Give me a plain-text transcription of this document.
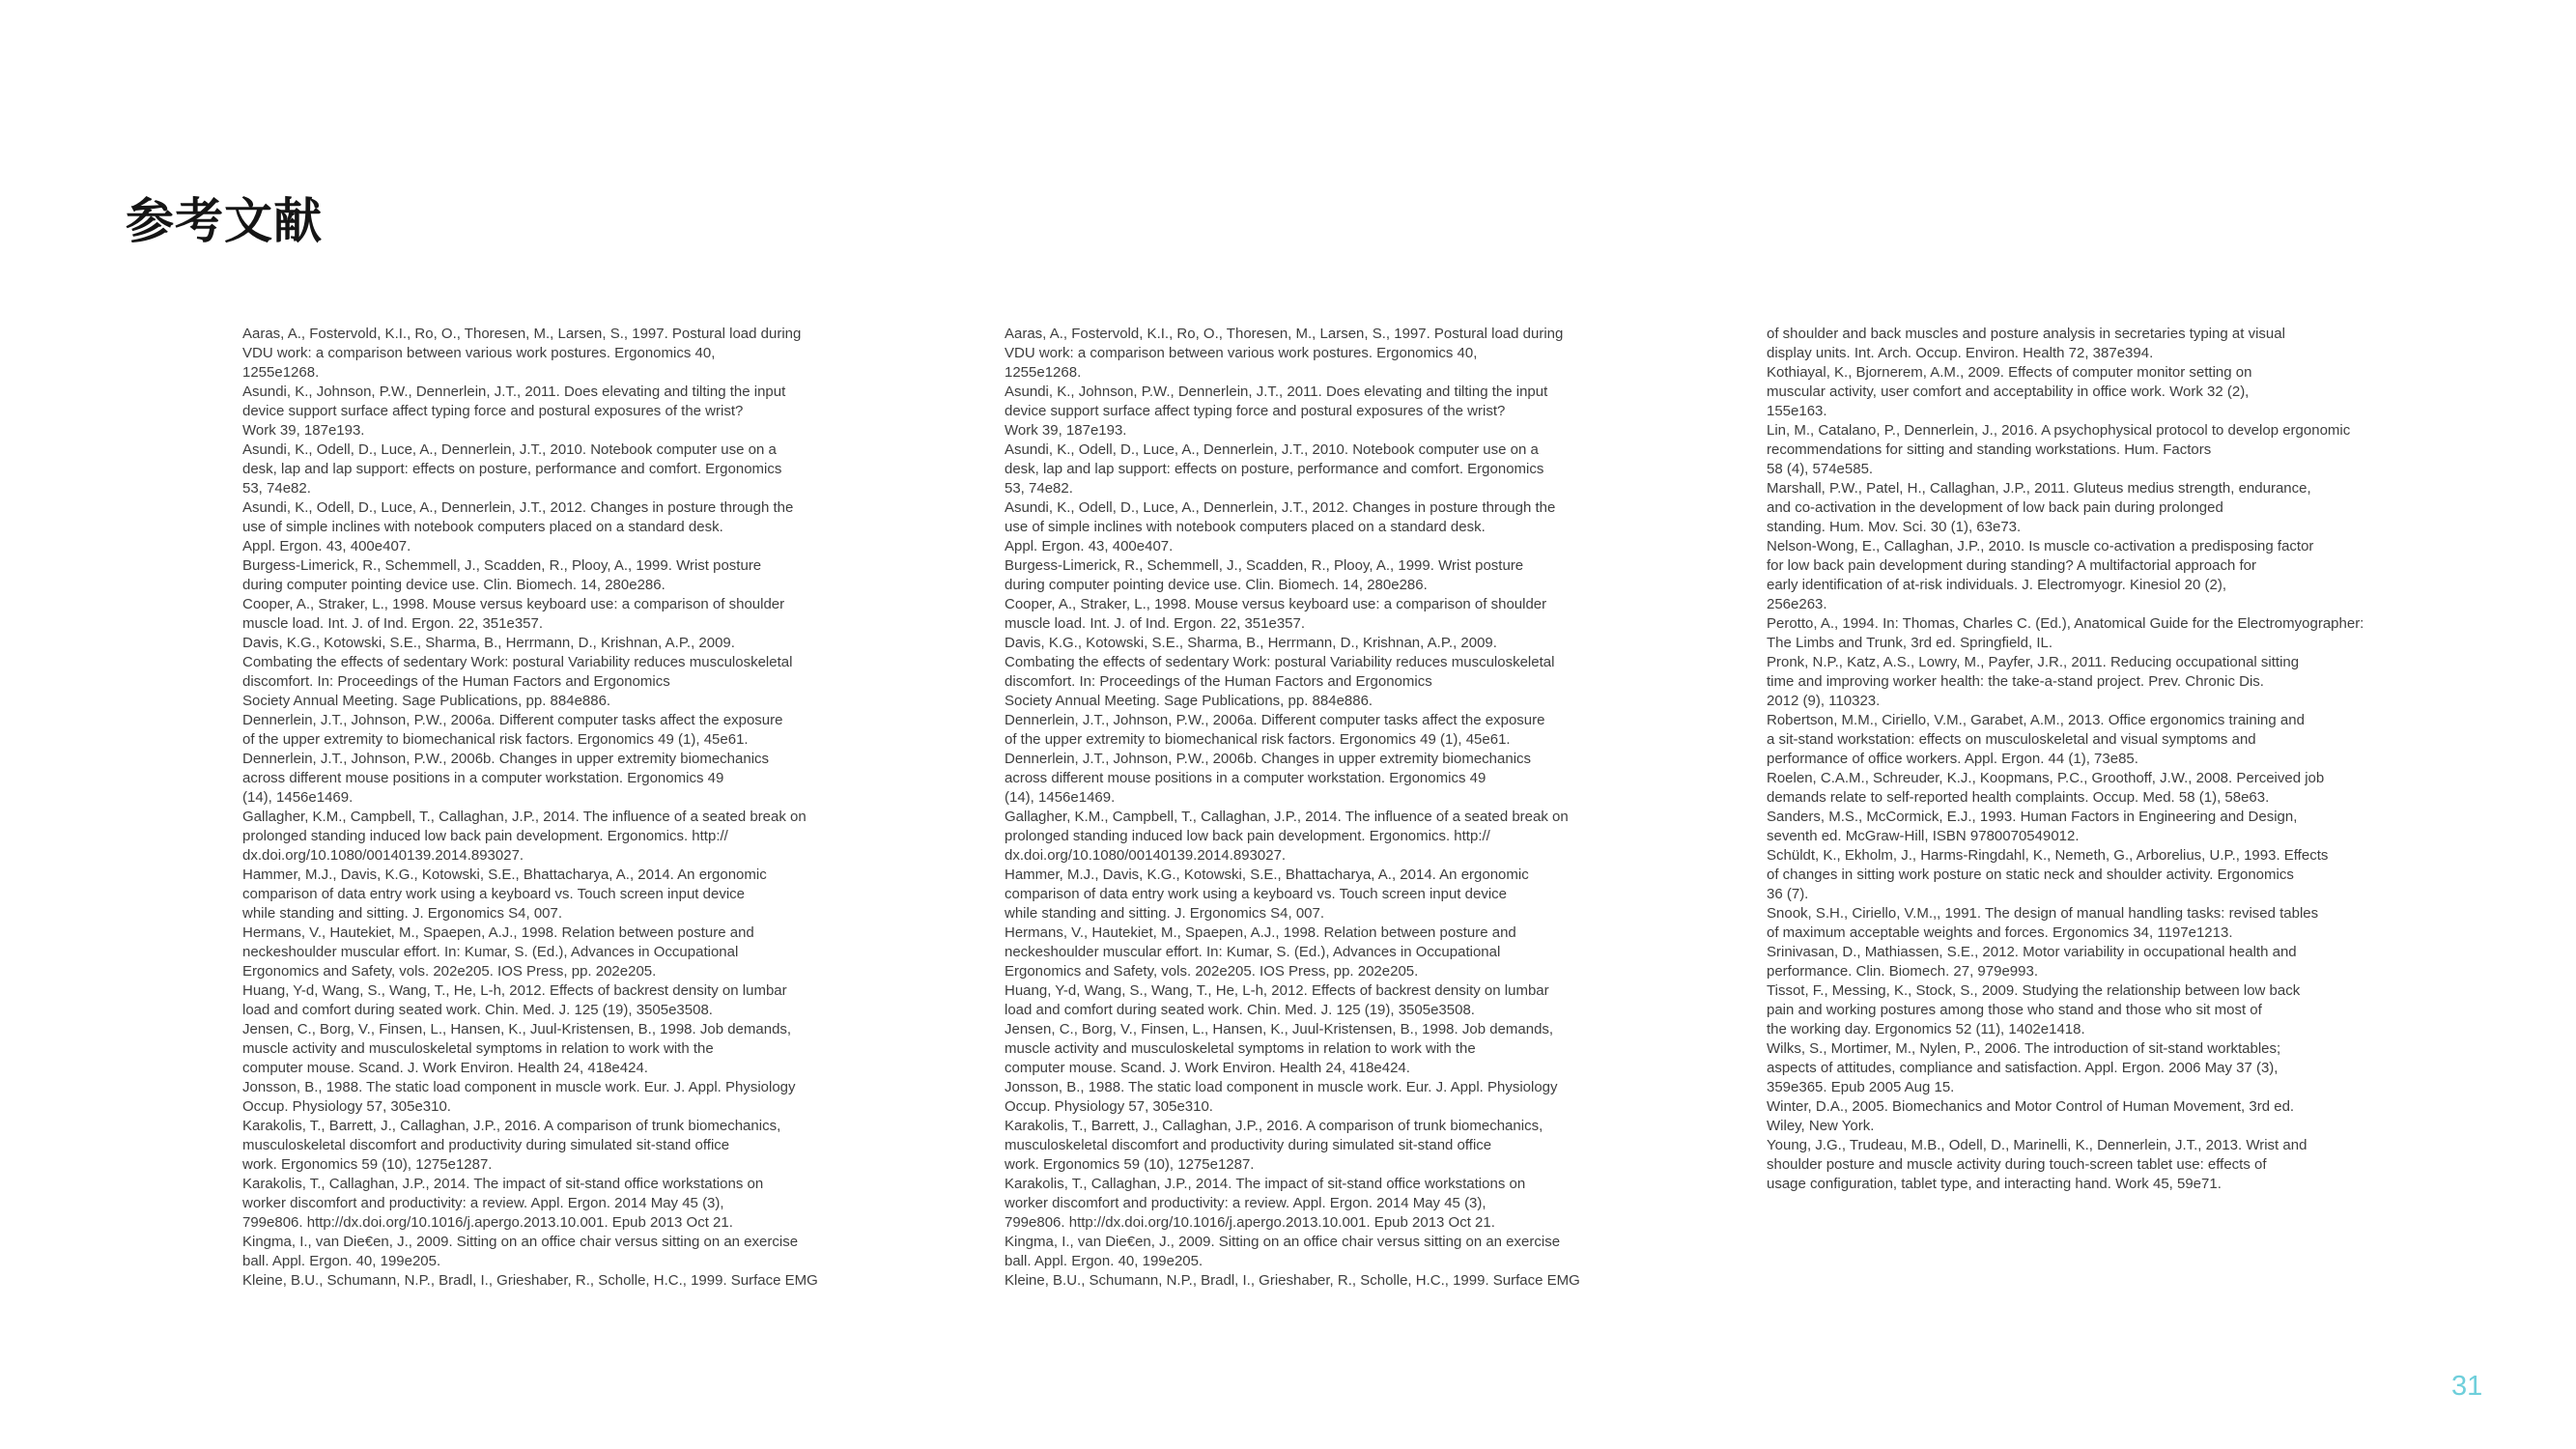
参考文献
Aaras, A., Fostervold, K.I., Ro, O., Thoresen, M., Larsen, S., 1997. Postural load during
VDU work: a comparison between various work postures. Ergonomics 40,
1255e1268.
Asundi, K., Johnson, P.W., Dennerlein, J.T., 2011. Does elevating and tilting the input
device support surface affect typing force and postural exposures of the wrist?
Work 39, 187e193.
Asundi, K., Odell, D., Luce, A., Dennerlein, J.T., 2010. Notebook computer use on a
desk, lap and lap support: effects on posture, performance and comfort. Ergonomics
53, 74e82.
Asundi, K., Odell, D., Luce, A., Dennerlein, J.T., 2012. Changes in posture through the
use of simple inclines with notebook computers placed on a standard desk.
Appl. Ergon. 43, 400e407.
Burgess-Limerick, R., Schemmell, J., Scadden, R., Plooy, A., 1999. Wrist posture
during computer pointing device use. Clin. Biomech. 14, 280e286.
Cooper, A., Straker, L., 1998. Mouse versus keyboard use: a comparison of shoulder
muscle load. Int. J. of Ind. Ergon. 22, 351e357.
Davis, K.G., Kotowski, S.E., Sharma, B., Herrmann, D., Krishnan, A.P., 2009.
Combating the effects of sedentary Work: postural Variability reduces musculoskeletal
discomfort. In: Proceedings of the Human Factors and Ergonomics
Society Annual Meeting. Sage Publications, pp. 884e886.
Dennerlein, J.T., Johnson, P.W., 2006a. Different computer tasks affect the exposure
of the upper extremity to biomechanical risk factors. Ergonomics 49 (1), 45e61.
Dennerlein, J.T., Johnson, P.W., 2006b. Changes in upper extremity biomechanics
across different mouse positions in a computer workstation. Ergonomics 49
(14), 1456e1469.
Gallagher, K.M., Campbell, T., Callaghan, J.P., 2014. The influence of a seated break on
prolonged standing induced low back pain development. Ergonomics. http://
dx.doi.org/10.1080/00140139.2014.893027.
Hammer, M.J., Davis, K.G., Kotowski, S.E., Bhattacharya, A., 2014. An ergonomic
comparison of data entry work using a keyboard vs. Touch screen input device
while standing and sitting. J. Ergonomics S4, 007.
Hermans, V., Hautekiet, M., Spaepen, A.J., 1998. Relation between posture and
neckeshoulder muscular effort. In: Kumar, S. (Ed.), Advances in Occupational
Ergonomics and Safety, vols. 202e205. IOS Press, pp. 202e205.
Huang, Y-d, Wang, S., Wang, T., He, L-h, 2012. Effects of backrest density on lumbar
load and comfort during seated work. Chin. Med. J. 125 (19), 3505e3508.
Jensen, C., Borg, V., Finsen, L., Hansen, K., Juul-Kristensen, B., 1998. Job demands,
muscle activity and musculoskeletal symptoms in relation to work with the
computer mouse. Scand. J. Work Environ. Health 24, 418e424.
Jonsson, B., 1988. The static load component in muscle work. Eur. J. Appl. Physiology
Occup. Physiology 57, 305e310.
Karakolis, T., Barrett, J., Callaghan, J.P., 2016. A comparison of trunk biomechanics,
musculoskeletal discomfort and productivity during simulated sit-stand office
work. Ergonomics 59 (10), 1275e1287.
Karakolis, T., Callaghan, J.P., 2014. The impact of sit-stand office workstations on
worker discomfort and productivity: a review. Appl. Ergon. 2014 May 45 (3),
799e806. http://dx.doi.org/10.1016/j.apergo.2013.10.001. Epub 2013 Oct 21.
Kingma, I., van Die€en, J., 2009. Sitting on an office chair versus sitting on an exercise
ball. Appl. Ergon. 40, 199e205.
Kleine, B.U., Schumann, N.P., Bradl, I., Grieshaber, R., Scholle, H.C., 1999. Surface EMG
Aaras, A., Fostervold, K.I., Ro, O., Thoresen, M., Larsen, S., 1997. Postural load during
VDU work: a comparison between various work postures. Ergonomics 40,
1255e1268.
Asundi, K., Johnson, P.W., Dennerlein, J.T., 2011. Does elevating and tilting the input
device support surface affect typing force and postural exposures of the wrist?
Work 39, 187e193.
Asundi, K., Odell, D., Luce, A., Dennerlein, J.T., 2010. Notebook computer use on a
desk, lap and lap support: effects on posture, performance and comfort. Ergonomics
53, 74e82.
Asundi, K., Odell, D., Luce, A., Dennerlein, J.T., 2012. Changes in posture through the
use of simple inclines with notebook computers placed on a standard desk.
Appl. Ergon. 43, 400e407.
Burgess-Limerick, R., Schemmell, J., Scadden, R., Plooy, A., 1999. Wrist posture
during computer pointing device use. Clin. Biomech. 14, 280e286.
Cooper, A., Straker, L., 1998. Mouse versus keyboard use: a comparison of shoulder
muscle load. Int. J. of Ind. Ergon. 22, 351e357.
Davis, K.G., Kotowski, S.E., Sharma, B., Herrmann, D., Krishnan, A.P., 2009.
Combating the effects of sedentary Work: postural Variability reduces musculoskeletal
discomfort. In: Proceedings of the Human Factors and Ergonomics
Society Annual Meeting. Sage Publications, pp. 884e886.
Dennerlein, J.T., Johnson, P.W., 2006a. Different computer tasks affect the exposure
of the upper extremity to biomechanical risk factors. Ergonomics 49 (1), 45e61.
Dennerlein, J.T., Johnson, P.W., 2006b. Changes in upper extremity biomechanics
across different mouse positions in a computer workstation. Ergonomics 49
(14), 1456e1469.
Gallagher, K.M., Campbell, T., Callaghan, J.P., 2014. The influence of a seated break on
prolonged standing induced low back pain development. Ergonomics. http://
dx.doi.org/10.1080/00140139.2014.893027.
Hammer, M.J., Davis, K.G., Kotowski, S.E., Bhattacharya, A., 2014. An ergonomic
comparison of data entry work using a keyboard vs. Touch screen input device
while standing and sitting. J. Ergonomics S4, 007.
Hermans, V., Hautekiet, M., Spaepen, A.J., 1998. Relation between posture and
neckeshoulder muscular effort. In: Kumar, S. (Ed.), Advances in Occupational
Ergonomics and Safety, vols. 202e205. IOS Press, pp. 202e205.
Huang, Y-d, Wang, S., Wang, T., He, L-h, 2012. Effects of backrest density on lumbar
load and comfort during seated work. Chin. Med. J. 125 (19), 3505e3508.
Jensen, C., Borg, V., Finsen, L., Hansen, K., Juul-Kristensen, B., 1998. Job demands,
muscle activity and musculoskeletal symptoms in relation to work with the
computer mouse. Scand. J. Work Environ. Health 24, 418e424.
Jonsson, B., 1988. The static load component in muscle work. Eur. J. Appl. Physiology
Occup. Physiology 57, 305e310.
Karakolis, T., Barrett, J., Callaghan, J.P., 2016. A comparison of trunk biomechanics,
musculoskeletal discomfort and productivity during simulated sit-stand office
work. Ergonomics 59 (10), 1275e1287.
Karakolis, T., Callaghan, J.P., 2014. The impact of sit-stand office workstations on
worker discomfort and productivity: a review. Appl. Ergon. 2014 May 45 (3),
799e806. http://dx.doi.org/10.1016/j.apergo.2013.10.001. Epub 2013 Oct 21.
Kingma, I., van Die€en, J., 2009. Sitting on an office chair versus sitting on an exercise
ball. Appl. Ergon. 40, 199e205.
Kleine, B.U., Schumann, N.P., Bradl, I., Grieshaber, R., Scholle, H.C., 1999. Surface EMG
of shoulder and back muscles and posture analysis in secretaries typing at visual
display units. Int. Arch. Occup. Environ. Health 72, 387e394.
Kothiayal, K., Bjornerem, A.M., 2009. Effects of computer monitor setting on
muscular activity, user comfort and acceptability in office work. Work 32 (2),
155e163.
Lin, M., Catalano, P., Dennerlein, J., 2016. A psychophysical protocol to develop ergonomic
recommendations for sitting and standing workstations. Hum. Factors
58 (4), 574e585.
Marshall, P.W., Patel, H., Callaghan, J.P., 2011. Gluteus medius strength, endurance,
and co-activation in the development of low back pain during prolonged
standing. Hum. Mov. Sci. 30 (1), 63e73.
Nelson-Wong, E., Callaghan, J.P., 2010. Is muscle co-activation a predisposing factor
for low back pain development during standing? A multifactorial approach for
early identification of at-risk individuals. J. Electromyogr. Kinesiol 20 (2),
256e263.
Perotto, A., 1994. In: Thomas, Charles C. (Ed.), Anatomical Guide for the Electromyographer:
The Limbs and Trunk, 3rd ed. Springfield, IL.
Pronk, N.P., Katz, A.S., Lowry, M., Payfer, J.R., 2011. Reducing occupational sitting
time and improving worker health: the take-a-stand project. Prev. Chronic Dis.
2012 (9), 110323.
Robertson, M.M., Ciriello, V.M., Garabet, A.M., 2013. Office ergonomics training and
a sit-stand workstation: effects on musculoskeletal and visual symptoms and
performance of office workers. Appl. Ergon. 44 (1), 73e85.
Roelen, C.A.M., Schreuder, K.J., Koopmans, P.C., Groothoff, J.W., 2008. Perceived job
demands relate to self-reported health complaints. Occup. Med. 58 (1), 58e63.
Sanders, M.S., McCormick, E.J., 1993. Human Factors in Engineering and Design,
seventh ed. McGraw-Hill, ISBN 9780070549012.
Schüldt, K., Ekholm, J., Harms-Ringdahl, K., Nemeth, G., Arborelius, U.P., 1993. Effects
of changes in sitting work posture on static neck and shoulder activity. Ergonomics
36 (7).
Snook, S.H., Ciriello, V.M.,, 1991. The design of manual handling tasks: revised tables
of maximum acceptable weights and forces. Ergonomics 34, 1197e1213.
Srinivasan, D., Mathiassen, S.E., 2012. Motor variability in occupational health and
performance. Clin. Biomech. 27, 979e993.
Tissot, F., Messing, K., Stock, S., 2009. Studying the relationship between low back
pain and working postures among those who stand and those who sit most of
the working day. Ergonomics 52 (11), 1402e1418.
Wilks, S., Mortimer, M., Nylen, P., 2006. The introduction of sit-stand worktables;
aspects of attitudes, compliance and satisfaction. Appl. Ergon. 2006 May 37 (3),
359e365. Epub 2005 Aug 15.
Winter, D.A., 2005. Biomechanics and Motor Control of Human Movement, 3rd ed.
Wiley, New York.
Young, J.G., Trudeau, M.B., Odell, D., Marinelli, K., Dennerlein, J.T., 2013. Wrist and
shoulder posture and muscle activity during touch-screen tablet use: effects of
usage configuration, tablet type, and interacting hand. Work 45, 59e71.
31
